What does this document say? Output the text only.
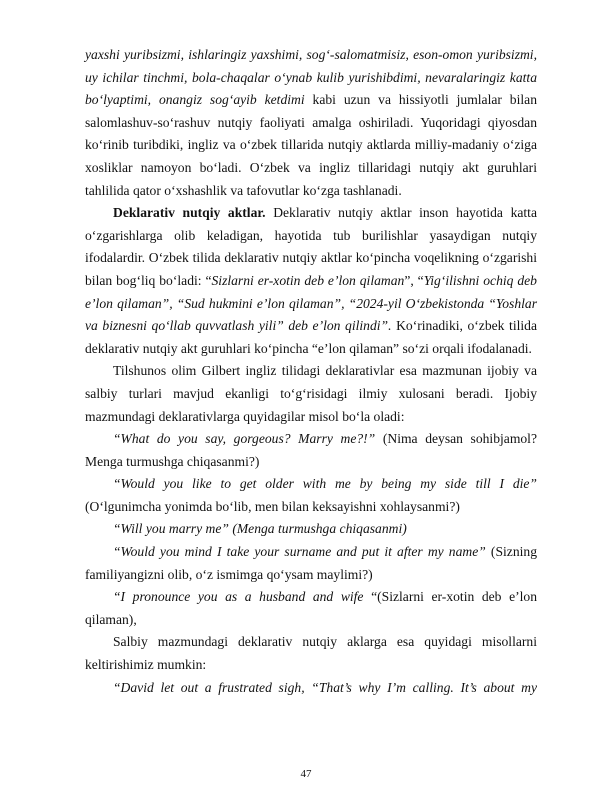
yaxshi yuribsizmi, ishlaringiz yaxshimi, sog‘-salomatmisiz, eson-omon yuribsizmi, uy ichilar tinchmi, bola-chaqalar o‘ynab kulib yurishibdimi, nevaralaringiz katta bo‘lyaptimi, onangiz sog‘ayib ketdimi kabi uzun va hissiyotli jumlalar bilan salomlashuv-so‘rashuv nutqiy faoliyati amalga oshiriladi. Yuqoridagi qiyosdan ko‘rinib turibdiki, ingliz va o‘zbek tillarida nutqiy aktlarda milliy-madaniy o‘ziga xosliklar namoyon bo‘ladi. O‘zbek va ingliz tillaridagi nutqiy akt guruhlari tahlilida qator o‘xshashlik va tafovutlar ko‘zga tashlanadi.

Deklarativ nutqiy aktlar. Deklarativ nutqiy aktlar inson hayotida katta o‘zgarishlarga olib keladigan, hayotida tub burilishlar yasaydigan nutqiy ifodalardir. O‘zbek tilida deklarativ nutqiy aktlar ko‘pincha voqelikning o‘zgarishi bilan bog‘liq bo‘ladi: “Sizlarni er-xotin deb e’lon qilaman”, “Yig‘ilishni ochiq deb e’lon qilaman”, “Sud hukmini e’lon qilaman”, “2024-yil O‘zbekistonda “Yoshlar va biznesni qo‘llab quvvatlash yili” deb e’lon qilindi”. Ko‘rinadiki, o‘zbek tilida deklarativ nutqiy akt guruhlari ko‘pincha “e’lon qilaman” so‘zi orqali ifodalanadi.

Tilshunos olim Gilbert ingliz tilidagi deklarativlar esa mazmunan ijobiy va salbiy turlari mavjud ekanligi to‘g‘risidagi ilmiy xulosani beradi. Ijobiy mazmundagi deklarativlarga quyidagilar misol bo‘la oladi:

“What do you say, gorgeous? Marry me?!” (Nima deysan sohibjamol? Menga turmushga chiqasanmi?)

“Would you like to get older with me by being my side till I die” (O‘lgunimcha yonimda bo‘lib, men bilan keksayishni xohlaysanmi?)

“Will you marry me” (Menga turmushga chiqasanmi)

“Would you mind I take your surname and put it after my name” (Sizning familiyangizni olib, o‘z ismimga qo‘ysam maylimi?)

“I pronounce you as a husband and wife “(Sizlarni er-xotin deb e’lon qilaman),

Salbiy mazmundagi deklarativ nutqiy aklarga esa quyidagi misollarni keltirishimiz mumkin:

“David let out a frustrated sigh, “That’s why I’m calling. It’s about my

47
